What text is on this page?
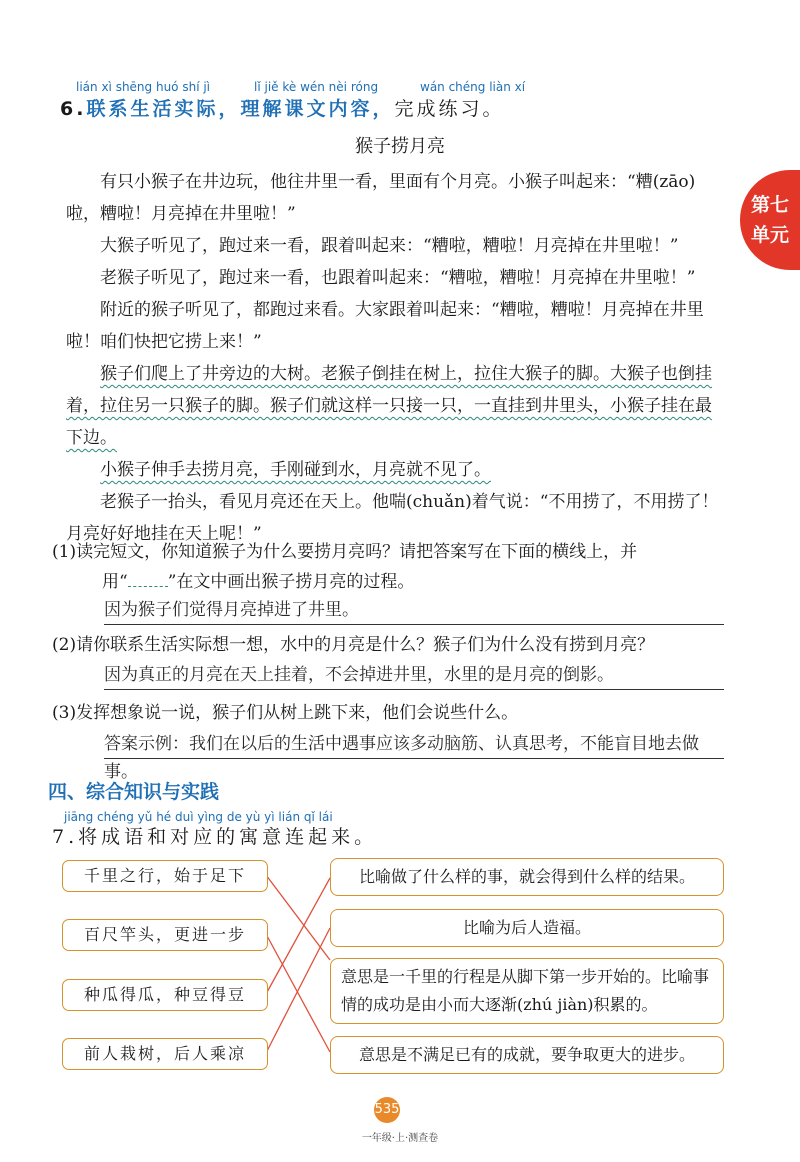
lián xì shēng huó shí jì	lǐ jiě kè wén nèi róng	wán chéng liàn xí
6.联系生活实际，理解课文内容，完成练习。
第七
单元
猴子捞月亮

有只小猴子在井边玩，他往井里一看，里面有个月亮。小猴子叫起来：“糟(zāo)啦，糟啦！月亮掉在井里啦！”

大猴子听见了，跑过来一看，跟着叫起来：“糟啦，糟啦！月亮掉在井里啦！”

老猴子听见了，跑过来一看，也跟着叫起来：“糟啦，糟啦！月亮掉在井里啦！”

附近的猴子听见了，都跑过来看。大家跟着叫起来：“糟啦，糟啦！月亮掉在井里啦！咱们快把它捞上来！”

猴子们爬上了井旁边的大树。老猴子倒挂在树上，拉住大猴子的脚。大猴子也倒挂着，拉住另一只猴子的脚。猴子们就这样一只接一只，一直挂到井里头，小猴子挂在最下边。

小猴子伸手去捞月亮，手刚碰到水，月亮就不见了。

老猴子一抬头，看见月亮还在天上。他喘(chuǎn)着气说：“不用捞了，不用捞了！月亮好好地挂在天上呢！”

(1)读完短文，你知道猴子为什么要捞月亮吗？请把答案写在下面的横线上，并
用“ ”在文中画出猴子捞月亮的过程。
因为猴子们觉得月亮掉进了井里。
(2)请你联系生活实际想一想，水中的月亮是什么？猴子们为什么没有捞到月亮？
因为真正的月亮在天上挂着，不会掉进井里，水里的是月亮的倒影。
(3)发挥想象说一说，猴子们从树上跳下来，他们会说些什么。
答案示例：我们在以后的生活中遇事应该多动脑筋、认真思考，不能盲目地去做事。
四、综合知识与实践
jiāng chéng yǔ hé duì yìng de yù yì lián qǐ lái
7.将成语和对应的寓意连起来。
千里之行，始于足下
百尺竿头，更进一步
种瓜得瓜，种豆得豆
前人栽树，后人乘凉
比喻做了什么样的事，就会得到什么样的结果。
比喻为后人造福。
意思是一千里的行程是从脚下第一步开始的。比喻事情的成功是由小而大逐渐(zhú jiàn)积累的。
意思是不满足已有的成就，要争取更大的进步。
535
一年级·上·测查卷
